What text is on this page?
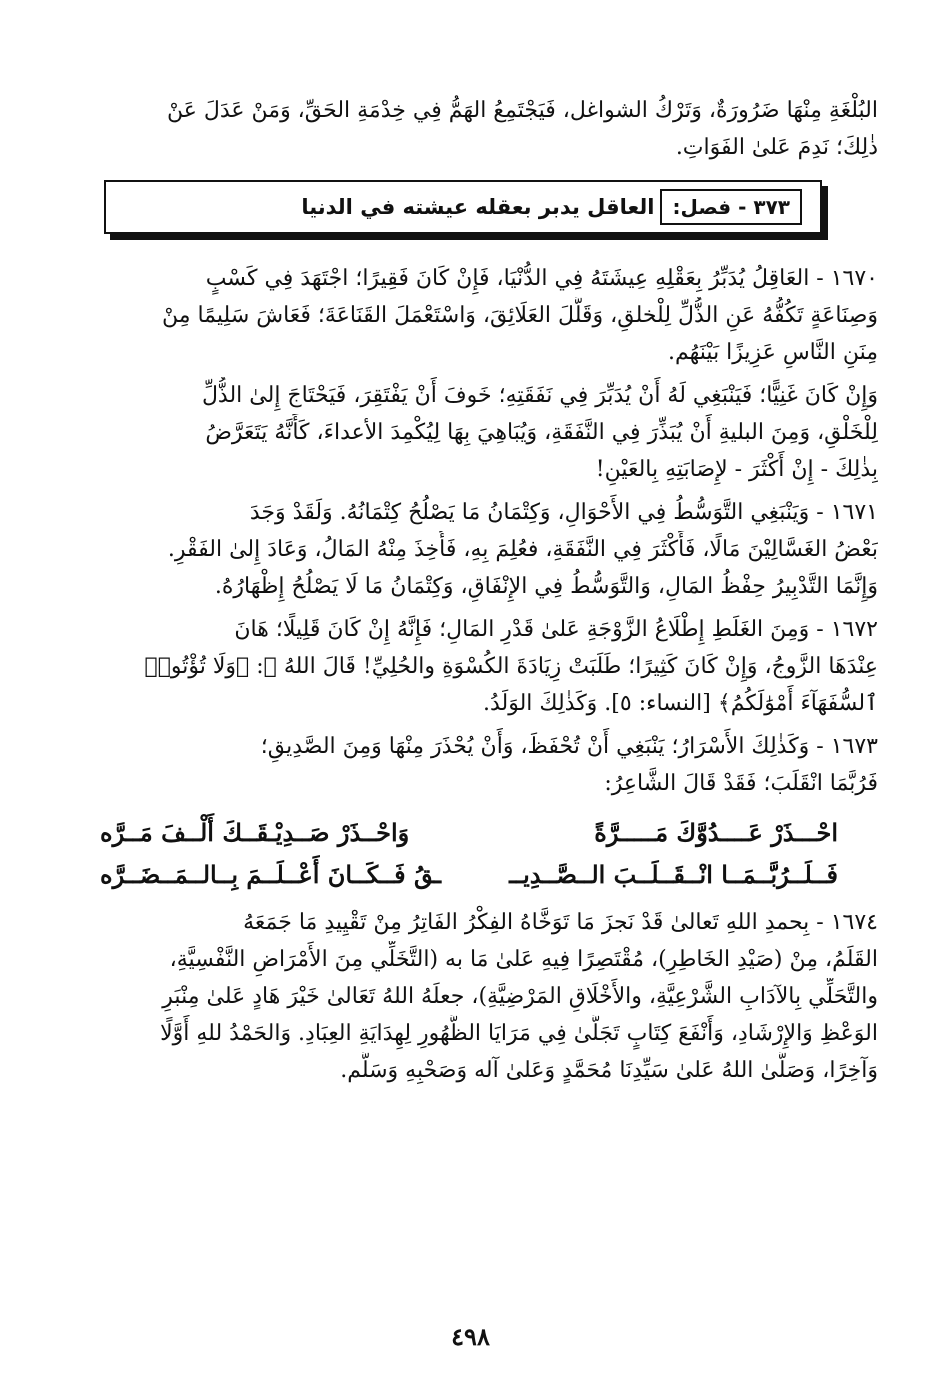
البُلْغَةِ مِنْهَا ضَرُورَةٌ، وَتَرْكُ الشواغل، فَيَجْتَمِعُ الهَمُّ فِي خِدْمَةِ الحَقِّ، وَمَنْ عَدَلَ عَنْ
ذٰلِكَ؛ نَدِمَ عَلىٰ الفَوَاتِ.
٣٧٣ - فصل:
العاقل يدبر بعقله عيشته في الدنيا
١٦٧٠ - العَاقِلُ يُدَبِّرُ بِعَقْلِهِ عِيشَتَهُ فِي الدُّنْيَا، فَإِنْ كَانَ فَقِيرًا؛ اجْتَهَدَ فِي كَسْبٍ
وَصِنَاعَةٍ تَكُفُّهُ عَنِ الذُّلِّ لِلْخلقِ، وَقَلَّلَ العَلَائِقَ، وَاسْتَعْمَلَ القَنَاعَةَ؛ فَعَاشَ سَلِيمًا مِنْ
مِنَنِ النَّاسِ عَزِيزًا بَيْنَهُم.
وَإِنْ كَانَ غَنِيًّا؛ فَيَنْبَغِي لَهُ أَنْ يُدَبِّرَ فِي نَفَقَتِهِ؛ خَوفَ أَنْ يَفْتَقِرَ، فَيَحْتَاجَ إِلىٰ الذُّلِّ
لِلْخَلْقِ، وَمِنَ البليةِ أَنْ يُبَذِّرَ فِي النَّفَقَةِ، وَيُبَاهِيَ بِهَا لِيُكْمِدَ الأعداءَ، كَأَنَّهُ يَتَعَرَّضُ
بِذٰلِكَ - إِنْ أَكْثَرَ - لإِصَابَتِهِ بِالعَيْنِ!
١٦٧١ - وَيَنْبَغِي التَّوَسُّطُ فِي الأَحْوَالِ، وَكِتْمَانُ مَا يَصْلُحُ كِتْمَانُهُ. وَلَقَدْ وَجَدَ
بَعْضُ الغَسَّالِيْنَ مَالًا، فَأَكْثَرَ فِي النَّفَقَةِ، فعُلِمَ بِهِ، فَأُخِذَ مِنْهُ المَالُ، وَعَادَ إِلىٰ الفَقْرِ.
وَإِنَّمَا التَّدْبِيرُ حِفْظُ المَالِ، وَالتَّوَسُّطُ فِي الإِنْفَاقِ، وَكِتْمَانُ مَا لَا يَصْلُحُ إِظْهَارُهُ.
١٦٧٢ - وَمِنَ الغَلَطِ إِطْلَاعُ الزَّوْجَةِ عَلىٰ قَدْرِ المَالِ؛ فَإِنَّهُ إِنْ كَانَ قَلِيلًا؛ هَانَ
عِنْدَهَا الزَّوجُ، وَإِنْ كَانَ كَثِيرًا؛ طَلَبَتْ زِيَادَةَ الكُسْوَةِ والحُلِيِّ! قَالَ اللهُ ﷻ: ﴿وَلَا تُؤْتُوا۟
ٱلسُّفَهَآءَ أَمْوَٰلَكُمُ﴾ [النساء: ٥]. وَكَذٰلِكَ الوَلَدُ.
١٦٧٣ - وَكَذٰلِكَ الأَسْرَارُ؛ يَنْبَغِي أَنْ تُحْفَظَ، وَأَنْ يُحْذَرَ مِنْهَا وَمِنَ الصَّدِيقِ؛
فَرُبَّمَا انْقَلَبَ؛ فَقَدْ قَالَ الشَّاعِرُ:
احْـــذَرْ عَــــدُوَّكَ مَـــــرَّةً
وَاحْــذَرْ صَــدِيْـقَــكَ أَلْــفَ مَــرَّه
فَــلَــرُبَّــمَــا انْــقَــلَــبَ الــصَّــدِيــ
ـقُ فَــكَــانَ أَعْــلَــمَ بِــالــمَــضَــرَّه
١٦٧٤ - بِحمدِ اللهِ تَعالىٰ قَدْ نَجزَ مَا تَوَخَّاهُ الفِكْرُ الفَاتِرُ مِنْ تَقْيِيدِ مَا جَمَعَهُ
القَلَمُ، مِنْ (صَيْدِ الخَاطِرِ)، مُقْتَصِرًا فِيهِ عَلىٰ مَا به (التَّخَلِّي مِنَ الأَمْرَاضِ النَّفْسِيَّةِ،
والتَّحَلِّي بِالآدَابِ الشَّرْعِيَّةِ، والأَخْلَاقِ المَرْضِيَّةِ)، جعلَهُ اللهُ تَعَالىٰ خَيْرَ هَادٍ عَلىٰ مِنْبَرِ
الوَعْظِ وَالإِرْشَادِ، وَأَنْفَعَ كِتَابٍ تَجَلَّىٰ فِي مَرَايَا الظُّهُورِ لِهِدَايَةِ العِبَادِ. وَالحَمْدُ للهِ أَوَّلًا
وَآخِرًا، وَصَلَّىٰ اللهُ عَلىٰ سَيِّدِنَا مُحَمَّدٍ وَعَلىٰ آله وَصَحْبِهِ وَسَلَّم.
٤٩٨
